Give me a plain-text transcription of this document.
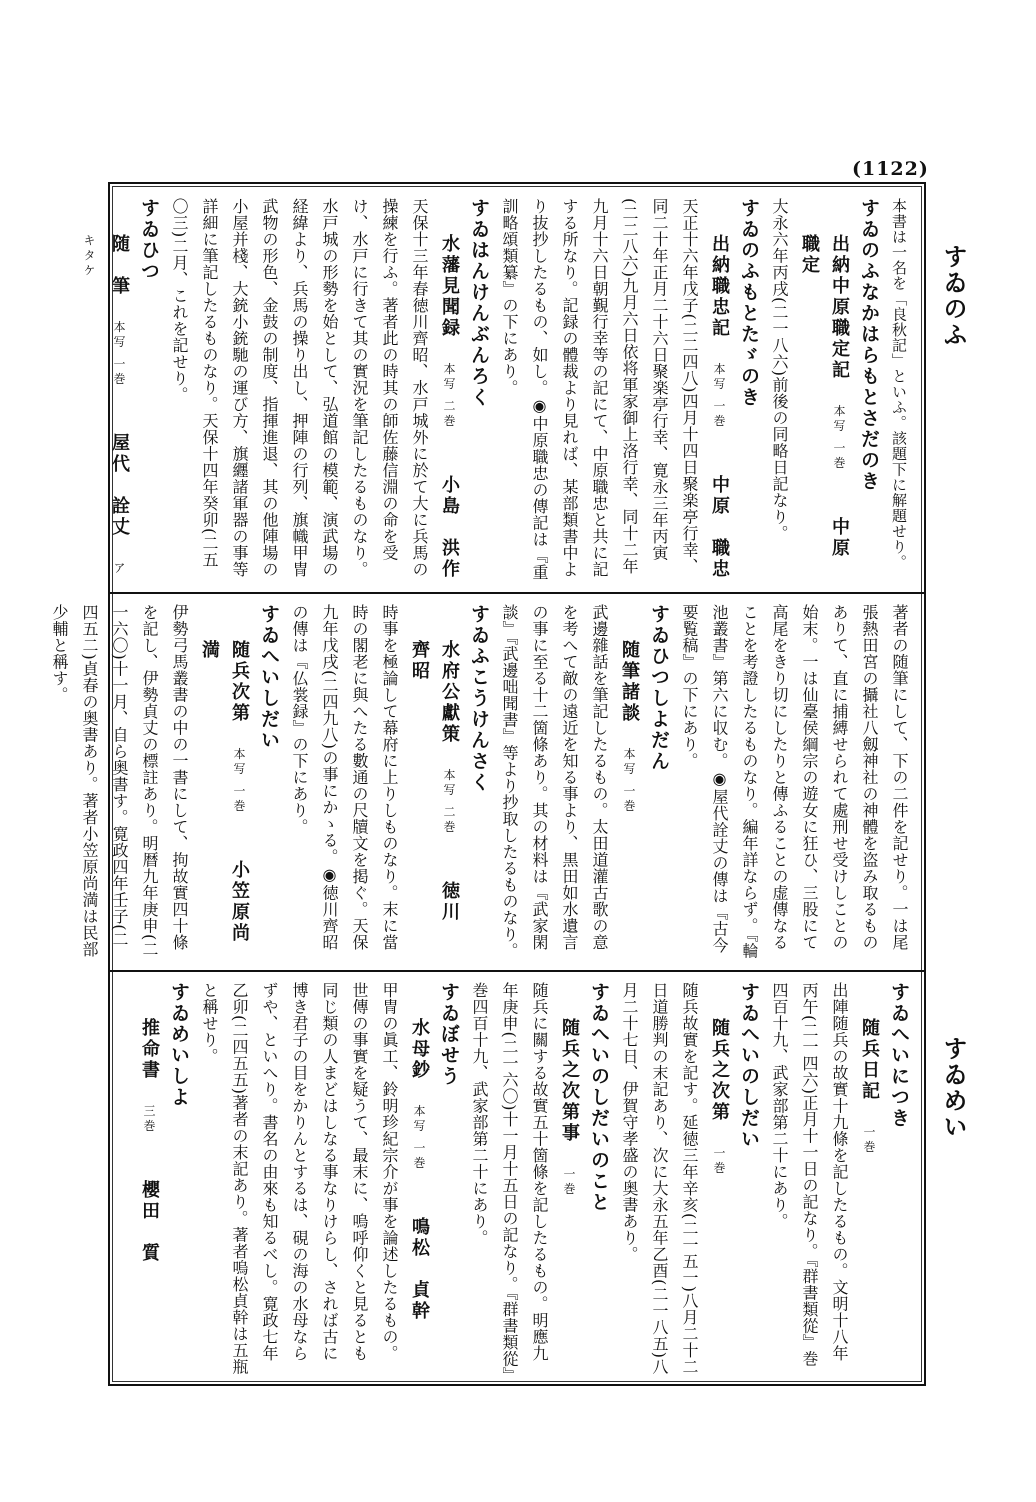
(1122)
すゐのふ
すゐめい

本書は一名を「良秋記」といふ。該題下に解題せり。

すゐのふなかはらもとさだのき

出納中原職定記 本写 一巻 中原　職定

大永六年丙戌(二一八六)前後の同略日記なり。

すゐのふもとたゞのき

出納職忠記 本写 一巻 中原　職忠

天正十六年戊子(二二四八)四月十四日聚楽亭行幸、同二十年正月二十六日聚楽亭行幸、寛永三年丙寅(二二八六)九月六日依将軍家御上洛行幸、同十二年九月十六日朝覲行幸等の記にて、中原職忠と共に記する所なり。記録の體裁より見れば、某部類書中より抜抄したるもの、如し。◉中原職忠の傳記は『重訓略頌類纂』の下にあり。

すゐはんけんぶんろく

水藩見聞録 本写 二巻 小島　洪作

天保十三年春徳川齊昭、水戸城外に於て大に兵馬の操練を行ふ。著者此の時其の師佐藤信淵の命を受け、水戸に行きて其の實況を筆記したるものなり。水戸城の形勢を始として、弘道館の模範、演武場の経緯より、兵馬の操り出し、押陣の行列、旗幟甲冑武物の形色、金鼓の制度、指揮進退、其の他陣場の小屋并棧、大銃小銃馳の運び方、旗纒諸軍器の事等詳細に筆記したるものなり。天保十四年癸卯(二五〇三)二月、これを記せり。

すゐひつ

随　筆 本写 一巻 屋代　詮丈 アキタケ

著者の随筆にして、下の二件を記せり。一は尾張熱田宮の攝社八劔神社の神體を盗み取るものありて、直に捕縛せられて處刑せ受けしことの始末。一は仙臺侯綱宗の遊女に狂ひ、三股にて高尾をきり切にしたりと傳ふることの虚傳なることを考證したるものなり。編年詳ならず。『輪池叢書』第六に収む。◉屋代詮丈の傳は『古今要覧稿』の下にあり。

すゐひつしよだん

随筆諸談 本写 一巻

武邊雜話を筆記したるもの。太田道灌古歌の意を考へて敵の遠近を知る事より、黒田如水遺言の事に至る十二箇條あり。其の材料は『武家閑談』『武邊咄聞書』等より抄取したるものなり。

すゐふこうけんさく

水府公獻策 本写 二巻 徳川　齊昭

時事を極論して幕府に上りしものなり。末に當時の閣老に與へたる數通の尺牘文を掲ぐ。天保九年戊戌(二四九八)の事にかゝる。◉徳川齊昭の傳は『仏裳録』の下にあり。

すゐへいしだい

随兵次第 本写 一巻 小笠原尚満

伊勢弓馬叢書の中の一書にして、拘故實四十條を記し、伊勢貞丈の標註あり。明暦九年庚申(二一六〇)十一月、自ら奥書す。寛政四年壬子(二四五二)貞春の奥書あり。著者小笠原尚満は民部少輔と稱す。

すゐへいにつき

随兵日記 一巻

出陣随兵の故實十九條を記したるもの。文明十八年丙午(二一四六)正月十一日の記なり。『群書類從』巻四百十九、武家部第二十にあり。

すゐへいのしだい

随兵之次第 一巻

随兵故實を記す。延徳三年辛亥(二一五一)八月二十二日道勝判の末記あり、次に大永五年乙酉(二一八五)八月二十七日、伊賀守孝盛の奥書あり。

すゐへいのしだいのこと

随兵之次第事 一巻

随兵に關する故實五十箇條を記したるもの。明應九年庚申(二一六〇)十一月十五日の記なり。『群書類從』巻四百十九、武家部第二十にあり。

すゐぼせう

水母鈔 本写 一巻 鳴松　貞幹

甲冑の眞工、鈴明珍紀宗介が事を論述したるもの。世傳の事實を疑うて、最末に、嗚呼仰くと見るとも同じ類の人まどはしなる事なりけらし、されば古に博き君子の目をかりんとするは、硯の海の水母ならずや、といへり。書名の由來も知るべし。寛政七年乙卯(二四五五)著者の末記あり。著者嗚松貞幹は五瓶と稱せり。

すゐめいしよ

推命書 三巻 櫻田　質
